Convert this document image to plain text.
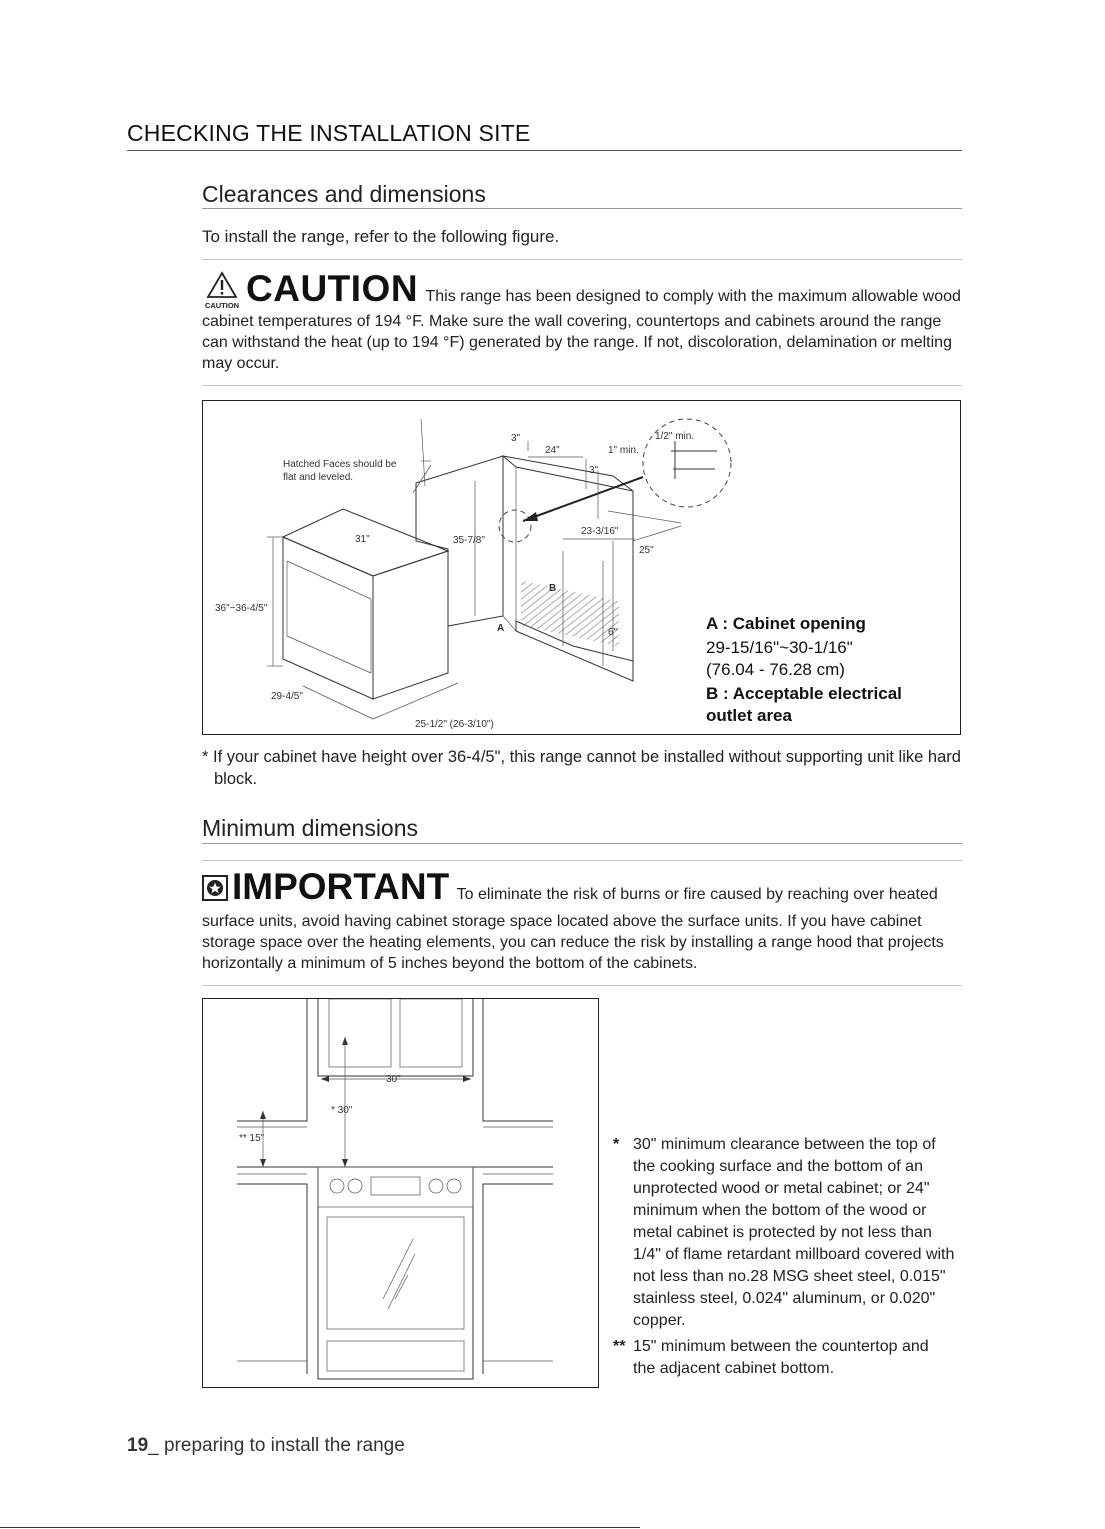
CHECKING THE INSTALLATION SITE
Clearances and dimensions
To install the range, refer to the following figure.
CAUTION CAUTION This range has been designed to comply with the maximum allowable wood
cabinet temperatures of 194 °F. Make sure the wall covering, countertops and cabinets around the range can withstand the heat (up to 194 °F) generated by the range. If not, discoloration, delamination or melting may occur.
Hatched Faces should be
flat and leveled.
3"
24"	1" min.
3"
1/2" min.
31"	35-7/8"
23-3/16"
25"
36"~36-4/5"
B
A	6"
29-4/5"
25-1/2" (26-3/10")
A : Cabinet opening
29-15/16"~30-1/16"
(76.04 - 76.28 cm)
B : Acceptable electrical
outlet area
* If your cabinet have height over 36-4/5", this range cannot be installed without supporting unit like hard block.
Minimum dimensions
IMPORTANT To eliminate the risk of burns or fire caused by reaching over heated
surface units, avoid having cabinet storage space located above the surface units. If you have cabinet storage space over the heating elements, you can reduce the risk by installing a range hood that projects horizontally a minimum of 5 inches beyond the bottom of the cabinets.
30"
* 30"
** 15"	* 30" minimum clearance between the top of the cooking surface and the bottom of an unprotected wood or metal cabinet; or 24" minimum when the bottom of the wood or metal cabinet is protected by not less than 1/4" of flame retardant millboard covered with not less than no.28 MSG sheet steel, 0.015" stainless steel, 0.024" aluminum, or 0.020" copper.
** 15" minimum between the countertop and the adjacent cabinet bottom.
19_ preparing to install the range
